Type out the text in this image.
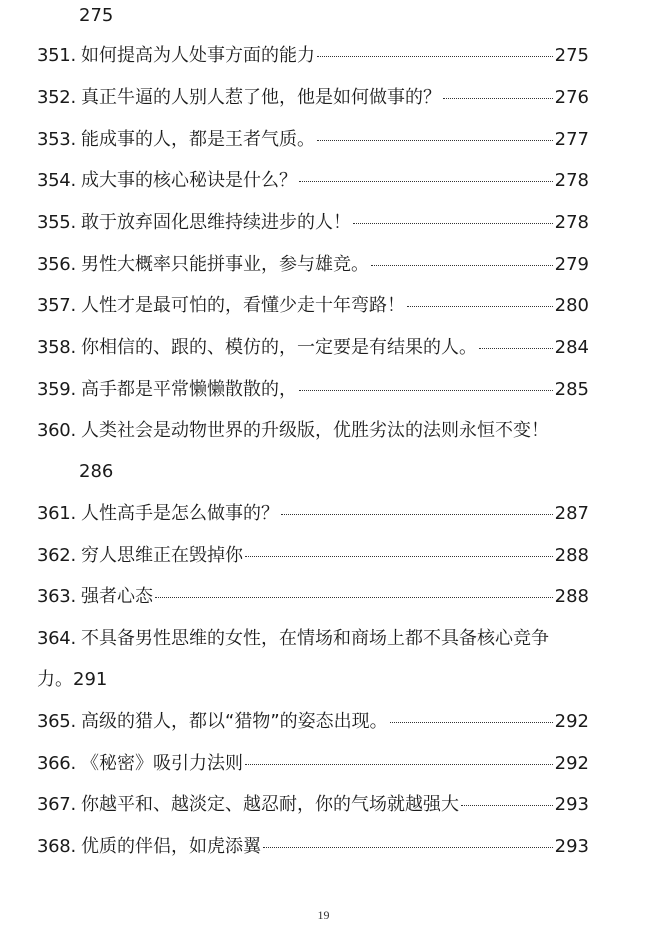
275
351. 如何提高为人处事方面的能力	275
352. 真正牛逼的人别人惹了他，他是如何做事的？	276
353. 能成事的人，都是王者气质。	277
354. 成大事的核心秘诀是什么？	278
355. 敢于放弃固化思维持续进步的人！	278
356. 男性大概率只能拼事业，参与雄竞。	279
357. 人性才是最可怕的，看懂少走十年弯路！	280
358. 你相信的、跟的、模仿的，一定要是有结果的人。	284
359. 高手都是平常懒懒散散的，	285
360. 人类社会是动物世界的升级版，优胜劣汰的法则永恒不变！
286
361. 人性高手是怎么做事的？	287
362. 穷人思维正在毁掉你	288
363. 强者心态	288
364. 不具备男性思维的女性，在情场和商场上都不具备核心竞争
力。291
365. 高级的猎人，都以“猎物”的姿态出现。	292
366. 《秘密》吸引力法则	292
367. 你越平和、越淡定、越忍耐，你的气场就越强大	293
368. 优质的伴侣，如虎添翼	293
19
